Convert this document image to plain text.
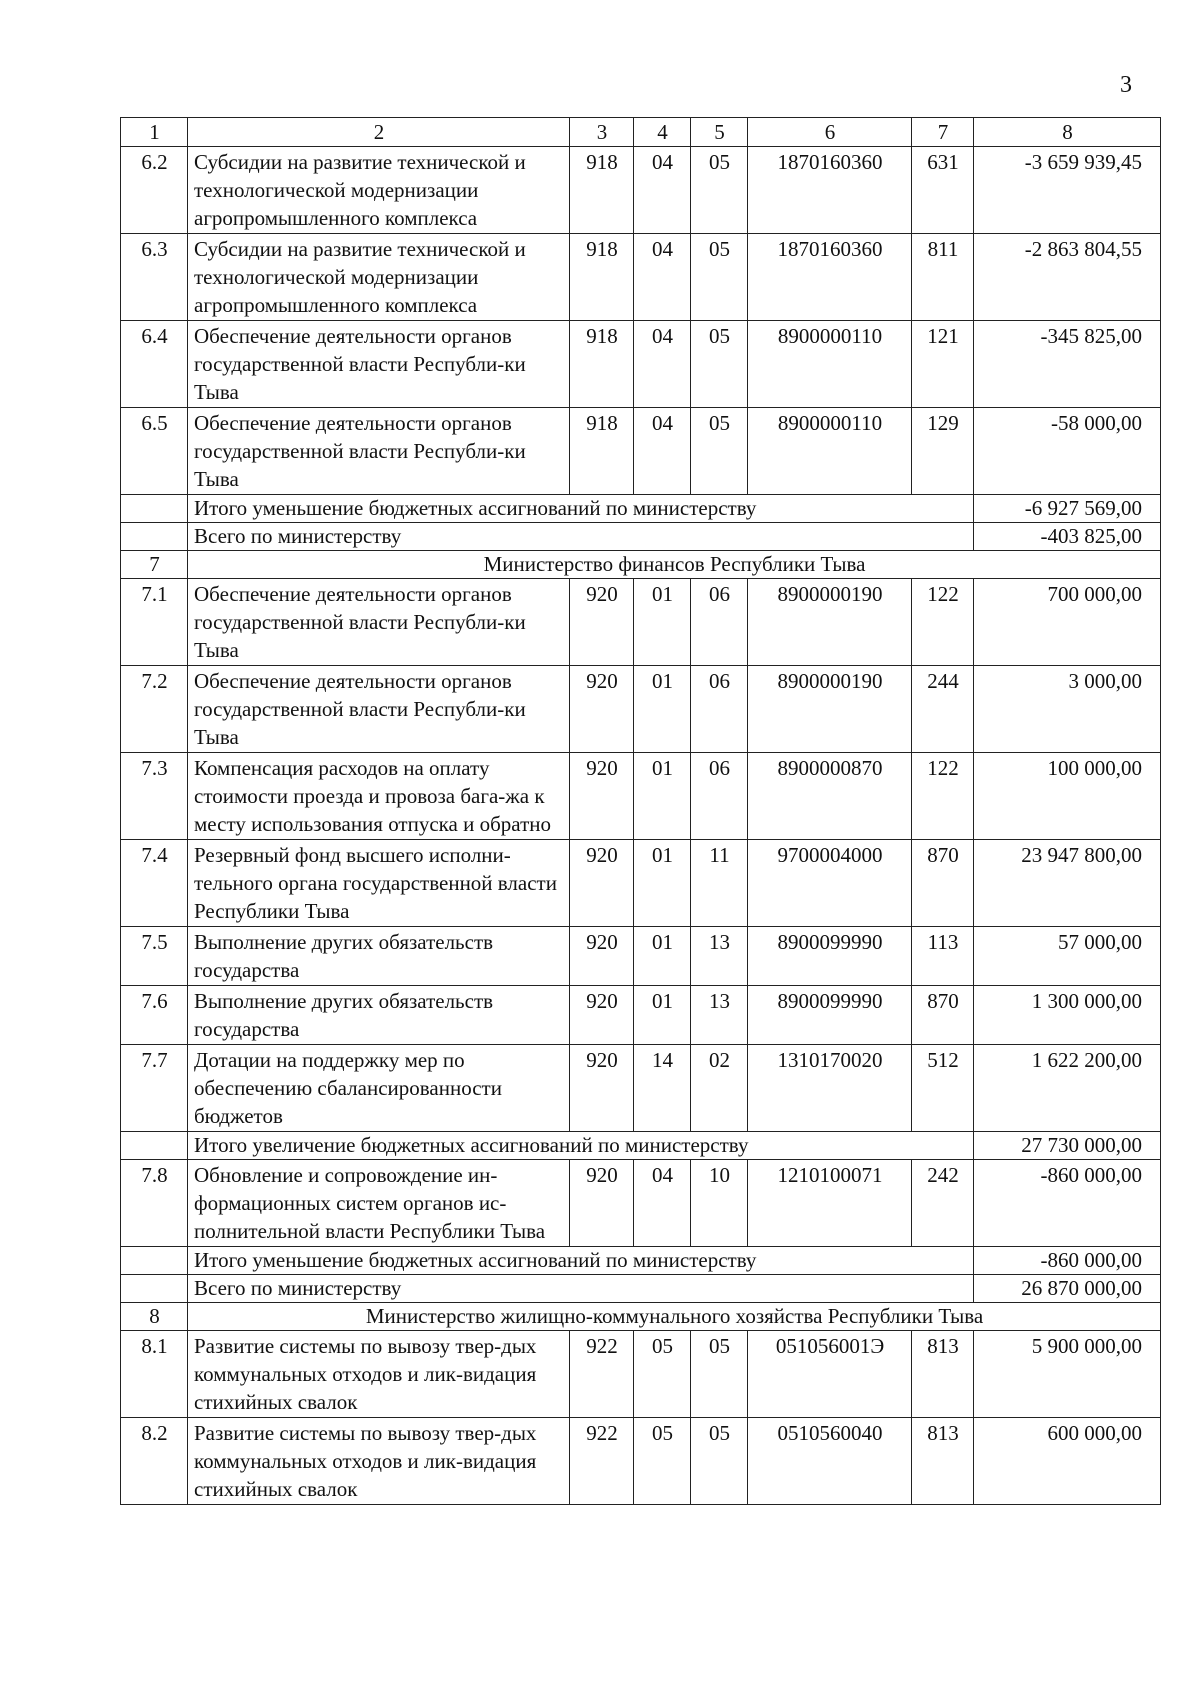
3
1	2	3	4	5	6	7	8
6.2	Субсидии на развитие технической и технологической модернизации агропромышленного комплекса	918	04	05	1870160360	631	-3 659 939,45
6.3	Субсидии на развитие технической и технологической модернизации агропромышленного комплекса	918	04	05	1870160360	811	-2 863 804,55
6.4	Обеспечение деятельности органов государственной власти Республи-ки Тыва	918	04	05	8900000110	121	-345 825,00
6.5	Обеспечение деятельности органов государственной власти Республи-ки Тыва	918	04	05	8900000110	129	-58 000,00
	Итого уменьшение бюджетных ассигнований по министерству						-6 927 569,00
	Всего по министерству						-403 825,00
7	Министерство финансов Республики Тыва						
7.1	Обеспечение деятельности органов государственной власти Республи-ки Тыва	920	01	06	8900000190	122	700 000,00
7.2	Обеспечение деятельности органов государственной власти Республи-ки Тыва	920	01	06	8900000190	244	3 000,00
7.3	Компенсация расходов на оплату стоимости проезда и провоза бага-жа к месту использования отпуска и обратно	920	01	06	8900000870	122	100 000,00
7.4	Резервный фонд высшего исполни-тельного органа государственной власти Республики Тыва	920	01	11	9700004000	870	23 947 800,00
7.5	Выполнение других обязательств государства	920	01	13	8900099990	113	57 000,00
7.6	Выполнение других обязательств государства	920	01	13	8900099990	870	1 300 000,00
7.7	Дотации на поддержку мер по обеспечению сбалансированности бюджетов	920	14	02	1310170020	512	1 622 200,00
	Итого увеличение бюджетных ассигнований по министерству						27 730 000,00
7.8	Обновление и сопровождение ин-формационных систем органов ис-полнительной власти Республики Тыва	920	04	10	1210100071	242	-860 000,00
	Итого уменьшение бюджетных ассигнований по министерству						-860 000,00
	Всего по министерству						26 870 000,00
8	Министерство жилищно-коммунального хозяйства Республики Тыва						
8.1	Развитие системы по вывозу твер-дых коммунальных отходов и лик-видация стихийных свалок	922	05	05	051056001Э	813	5 900 000,00
8.2	Развитие системы по вывозу твер-дых коммунальных отходов и лик-видация стихийных свалок	922	05	05	0510560040	813	600 000,00
